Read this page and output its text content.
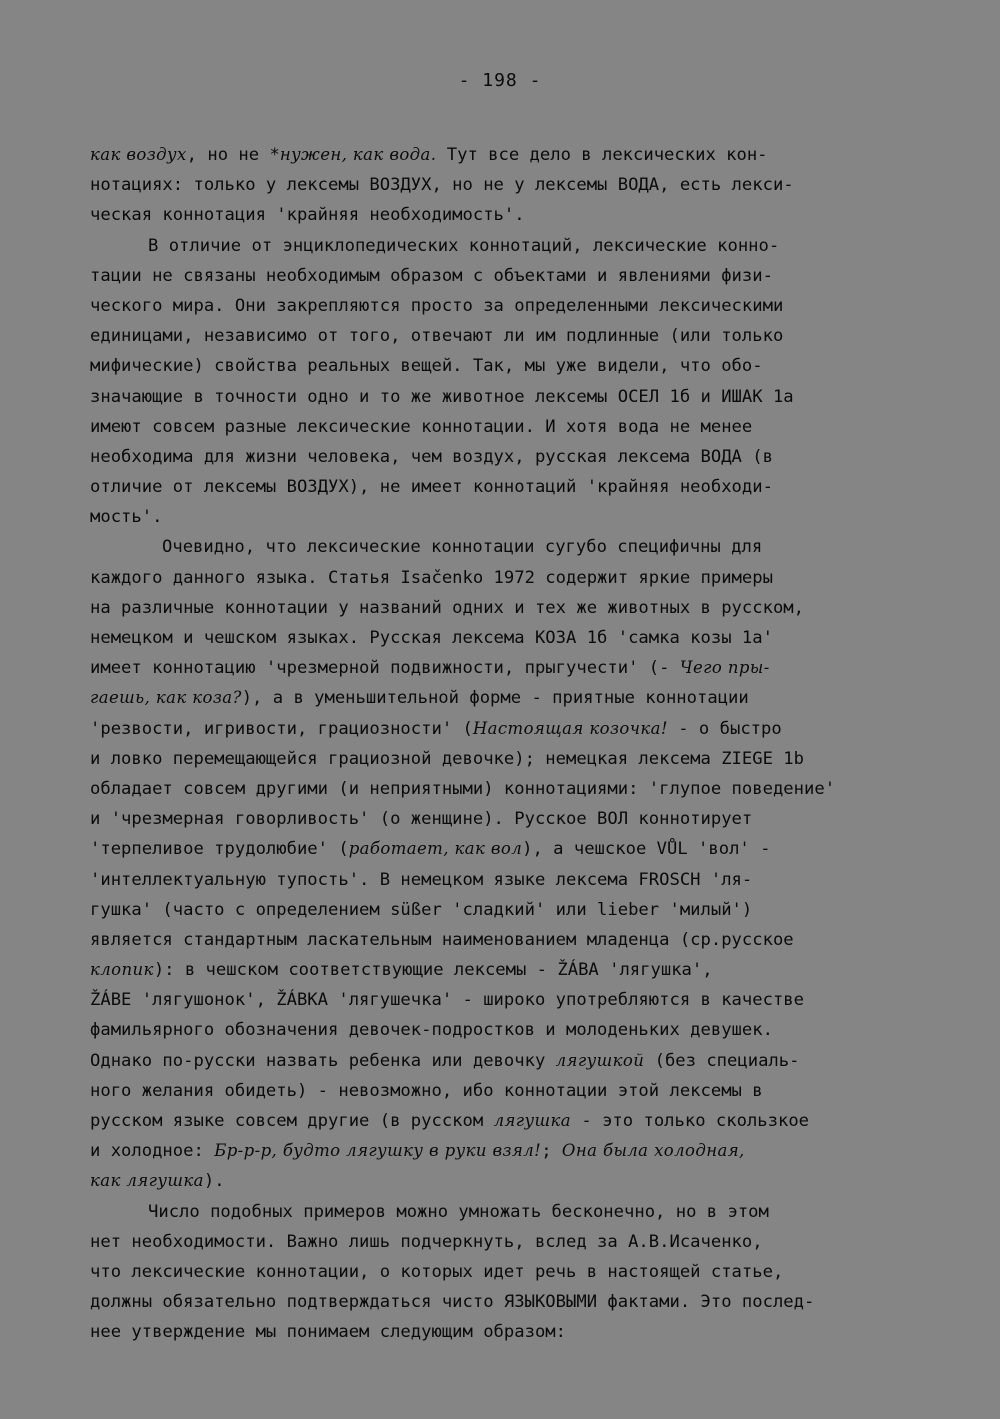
- 198 -
как воздух, но не *нужен, как вода. Тут все дело в лексических кон-
нотациях: только у лексемы ВОЗДУХ, но не у лексемы ВОДА, есть лекси-
ческая коннотация 'крайняя необходимость'.
В отличие от энциклопедических коннотаций, лексические конно-
тации не связаны необходимым образом с объектами и явлениями физи-
ческого мира. Они закрепляются просто за определенными лексическими
единицами, независимо от того, отвечают ли им подлинные (или только
мифические) свойства реальных вещей. Так, мы уже видели, что обо-
значающие в точности одно и то же животное лексемы ОСЕЛ 1б и ИШАК 1а
имеют совсем разные лексические коннотации. И хотя вода не менее
необходима для жизни человека, чем воздух, русская лексема ВОДА (в
отличие от лексемы ВОЗДУХ), не имеет коннотаций 'крайняя необходи-
мость'.
Очевидно, что лексические коннотации сугубо специфичны для
каждого данного языка. Статья Isačenko 1972 содержит яркие примеры
на различные коннотации у названий одних и тех же животных в русском,
немецком и чешском языках. Русская лексема КОЗА 1б 'самка козы 1а'
имеет коннотацию 'чрезмерной подвижности, прыгучести' (- Чего пры-
гаешь, как коза?), а в уменьшительной форме - приятные коннотации
'резвости, игривости, грациозности' (Настоящая козочка! - о быстро
и ловко перемещающейся грациозной девочке); немецкая лексема ZIEGE 1b
обладает совсем другими (и неприятными) коннотациями: 'глупое поведение'
и 'чрезмерная говорливость' (о женщине). Русское ВОЛ коннотирует
'терпеливое трудолюбие' (работает, как вол), а чешское VŮL 'вол' -
'интеллектуальную тупость'. В немецком языке лексема FROSCH 'ля-
гушка' (часто с определением süßer 'сладкий' или lieber 'милый')
является стандартным ласкательным наименованием младенца (ср.русское
клопик): в чешском соответствующие лексемы - ŽÁBA 'лягушка',
ŽÁBE 'лягушонок', ŽÁBKA 'лягушечка' - широко употребляются в качестве
фамильярного обозначения девочек-подростков и молоденьких девушек.
Однако по-русски назвать ребенка или девочку лягушкой (без специаль-
ного желания обидеть) - невозможно, ибо коннотации этой лексемы в
русском языке совсем другие (в русском лягушка - это только скользкое
и холодное: Бр-р-р, будто лягушку в руки взял!; Она была холодная,
как лягушка).
Число подобных примеров можно умножать бесконечно, но в этом
нет необходимости. Важно лишь подчеркнуть, вслед за А.В.Исаченко,
что лексические коннотации, о которых идет речь в настоящей статье,
должны обязательно подтверждаться чисто ЯЗЫКОВЫМИ фактами. Это послед-
нее утверждение мы понимаем следующим образом:
